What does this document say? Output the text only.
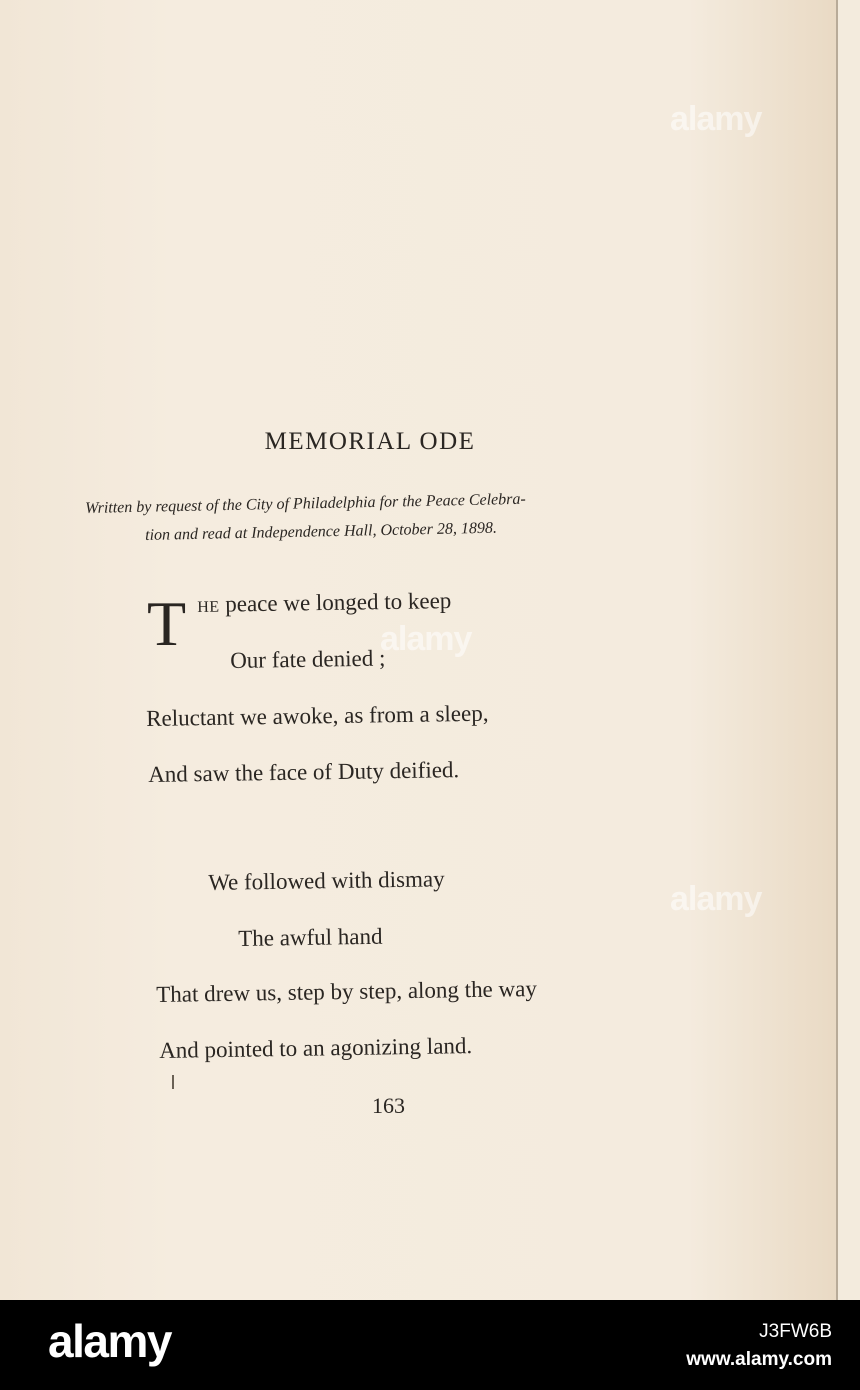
alamy
alamy
alamy
MEMORIAL ODE
Written by request of the City of Philadelphia for the Peace Celebra-
tion and read at Independence Hall, October 28, 1898.
T HE peace we longed to keep
Our fate denied ;
Reluctant we awoke, as from a sleep,
And saw the face of Duty deified.
We followed with dismay
The awful hand
That drew us, step by step, along the way
And pointed to an agonizing land.
163
alamy	J3FW6B
www.alamy.com
